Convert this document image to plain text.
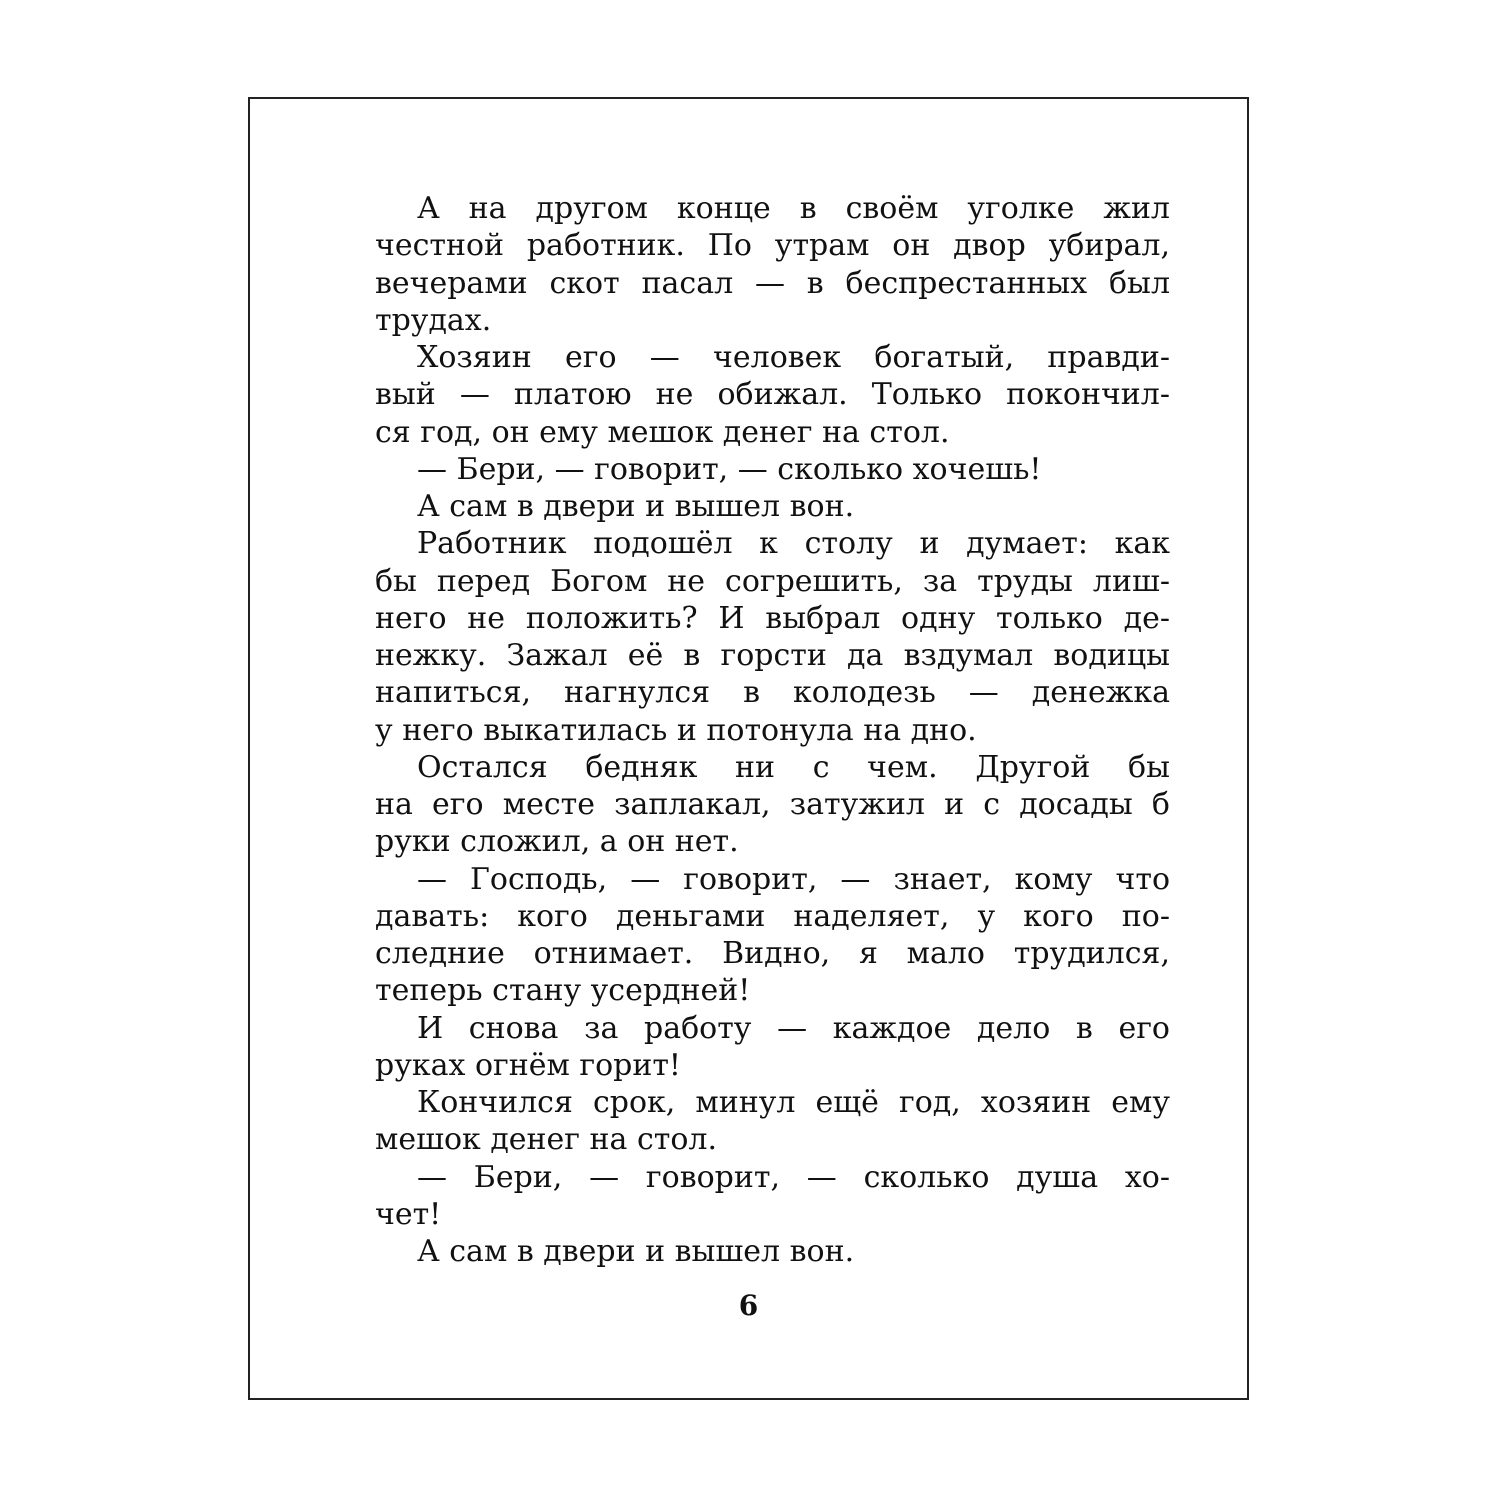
А на другом конце в своём уголке жил
честной работник. По утрам он двор убирал,
вечерами скот пасал — в беспрестанных был
трудах.
Хозяин его — человек богатый, правди-
вый — платою не обижал. Только покончил-
ся год, он ему мешок денег на стол.
— Бери, — говорит, — сколько хочешь!
А сам в двери и вышел вон.
Работник подошёл к столу и думает: как
бы перед Богом не согрешить, за труды лиш-
него не положить? И выбрал одну только де-
нежку. Зажал её в горсти да вздумал водицы
напиться, нагнулся в колодезь — денежка
у него выкатилась и потонула на дно.
Остался бедняк ни с чем. Другой бы
на его месте заплакал, затужил и с досады б
руки сложил, а он нет.
— Господь, — говорит, — знает, кому что
давать: кого деньгами наделяет, у кого по-
следние отнимает. Видно, я мало трудился,
теперь стану усердней!
И снова за работу — каждое дело в его
руках огнём горит!
Кончился срок, минул ещё год, хозяин ему
мешок денег на стол.
— Бери, — говорит, — сколько душа хо-
чет!
А сам в двери и вышел вон.
6
